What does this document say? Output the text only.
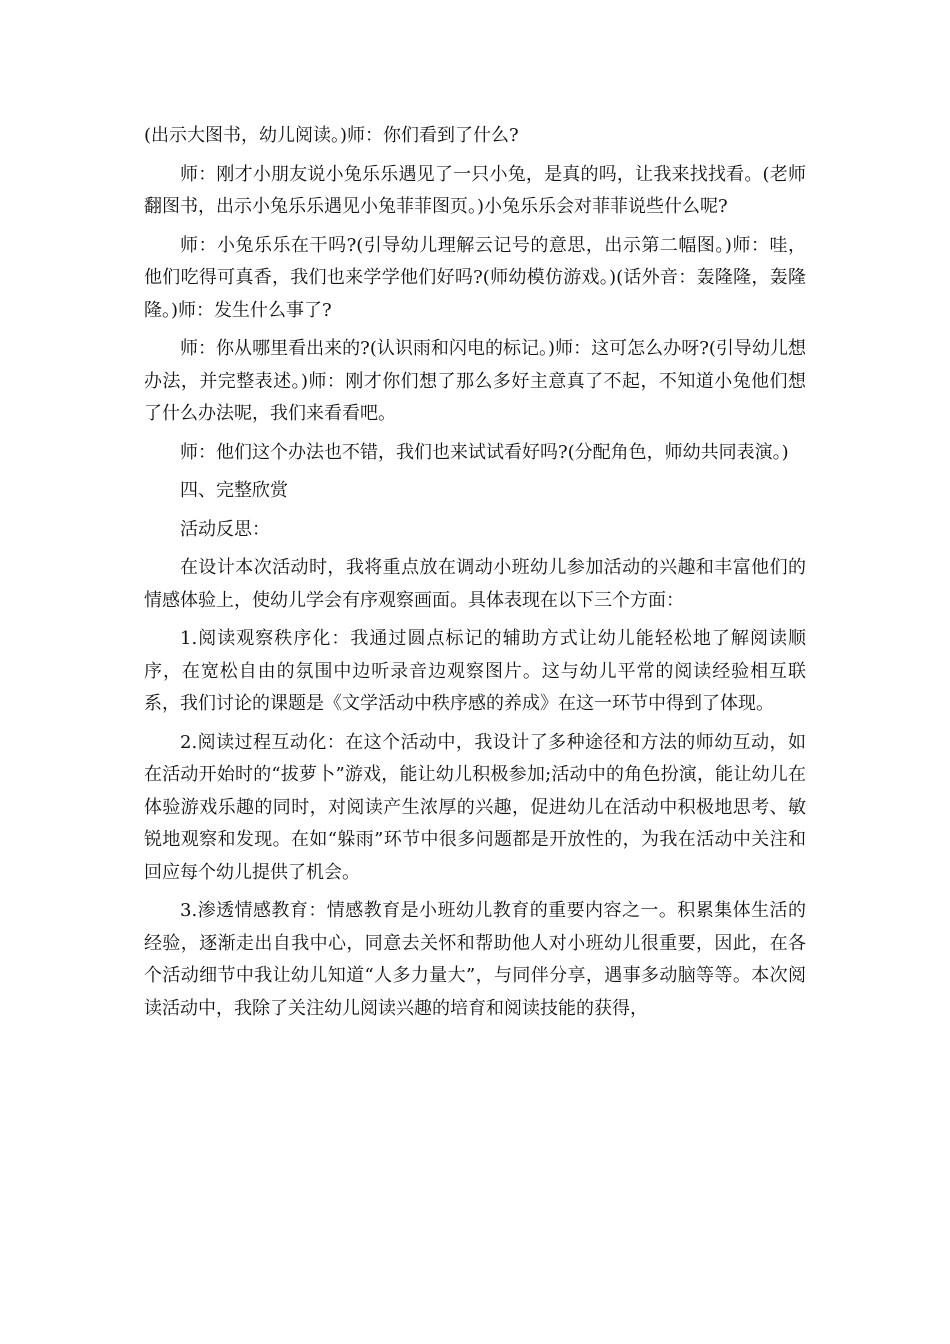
(出示大图书，幼儿阅读。)师：你们看到了什么?

师：刚才小朋友说小兔乐乐遇见了一只小兔，是真的吗，让我来找找看。(老师翻图书，出示小兔乐乐遇见小兔菲菲图页。)小兔乐乐会对菲菲说些什么呢?

师：小兔乐乐在干吗?(引导幼儿理解云记号的意思，出示第二幅图。)师：哇，他们吃得可真香，我们也来学学他们好吗?(师幼模仿游戏。)(话外音：轰隆隆，轰隆隆。)师：发生什么事了?

师：你从哪里看出来的?(认识雨和闪电的标记。)师：这可怎么办呀?(引导幼儿想办法，并完整表述。)师：刚才你们想了那么多好主意真了不起，不知道小兔他们想了什么办法呢，我们来看看吧。

师：他们这个办法也不错，我们也来试试看好吗?(分配角色，师幼共同表演。)

四、完整欣赏

活动反思：

在设计本次活动时，我将重点放在调动小班幼儿参加活动的兴趣和丰富他们的情感体验上，使幼儿学会有序观察画面。具体表现在以下三个方面：

1.阅读观察秩序化：我通过圆点标记的辅助方式让幼儿能轻松地了解阅读顺序，在宽松自由的氛围中边听录音边观察图片。这与幼儿平常的阅读经验相互联系，我们讨论的课题是《文学活动中秩序感的养成》在这一环节中得到了体现。

2.阅读过程互动化：在这个活动中，我设计了多种途径和方法的师幼互动，如在活动开始时的“拔萝卜”游戏，能让幼儿积极参加;活动中的角色扮演，能让幼儿在体验游戏乐趣的同时，对阅读产生浓厚的兴趣，促进幼儿在活动中积极地思考、敏锐地观察和发现。在如“躲雨”环节中很多问题都是开放性的，为我在活动中关注和回应每个幼儿提供了机会。

3.渗透情感教育：情感教育是小班幼儿教育的重要内容之一。积累集体生活的经验，逐渐走出自我中心，同意去关怀和帮助他人对小班幼儿很重要，因此，在各个活动细节中我让幼儿知道“人多力量大”，与同伴分享，遇事多动脑等等。本次阅读活动中，我除了关注幼儿阅读兴趣的培育和阅读技能的获得，
